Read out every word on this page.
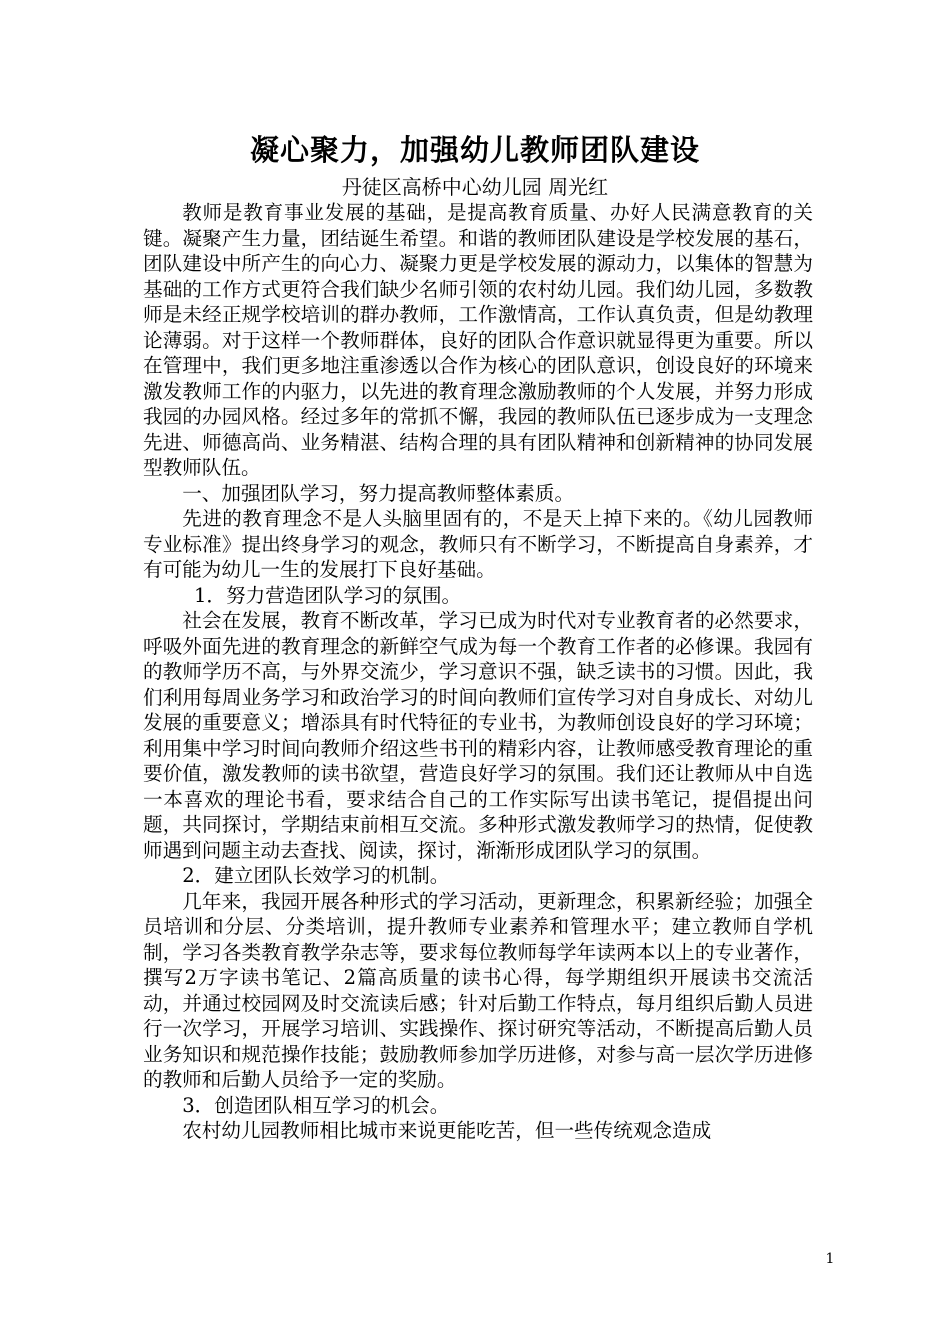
凝心聚力，加强幼儿教师团队建设
丹徒区高桥中心幼儿园 周光红

教师是教育事业发展的基础，是提高教育质量、办好人民满意教育的关键。凝聚产生力量，团结诞生希望。和谐的教师团队建设是学校发展的基石，团队建设中所产生的向心力、凝聚力更是学校发展的源动力，以集体的智慧为基础的工作方式更符合我们缺少名师引领的农村幼儿园。我们幼儿园，多数教师是未经正规学校培训的群办教师，工作激情高，工作认真负责，但是幼教理论薄弱。对于这样一个教师群体，良好的团队合作意识就显得更为重要。所以在管理中，我们更多地注重渗透以合作为核心的团队意识，创设良好的环境来激发教师工作的内驱力，以先进的教育理念激励教师的个人发展，并努力形成我园的办园风格。经过多年的常抓不懈，我园的教师队伍已逐步成为一支理念先进、师德高尚、业务精湛、结构合理的具有团队精神和创新精神的协同发展型教师队伍。

一、加强团队学习，努力提高教师整体素质。

先进的教育理念不是人头脑里固有的，不是天上掉下来的。《幼儿园教师专业标准》提出终身学习的观念，教师只有不断学习，不断提高自身素养，才有可能为幼儿一生的发展打下良好基础。

1．努力营造团队学习的氛围。

社会在发展，教育不断改革，学习已成为时代对专业教育者的必然要求，呼吸外面先进的教育理念的新鲜空气成为每一个教育工作者的必修课。我园有的教师学历不高，与外界交流少，学习意识不强，缺乏读书的习惯。因此，我们利用每周业务学习和政治学习的时间向教师们宣传学习对自身成长、对幼儿发展的重要意义；增添具有时代特征的专业书，为教师创设良好的学习环境；利用集中学习时间向教师介绍这些书刊的精彩内容，让教师感受教育理论的重要价值，激发教师的读书欲望，营造良好学习的氛围。我们还让教师从中自选一本喜欢的理论书看，要求结合自己的工作实际写出读书笔记，提倡提出问题，共同探讨，学期结束前相互交流。多种形式激发教师学习的热情，促使教师遇到问题主动去查找、阅读，探讨，渐渐形成团队学习的氛围。

2．建立团队长效学习的机制。

几年来，我园开展各种形式的学习活动，更新理念，积累新经验；加强全员培训和分层、分类培训，提升教师专业素养和管理水平；建立教师自学机制，学习各类教育教学杂志等，要求每位教师每学年读两本以上的专业著作，撰写2万字读书笔记、2篇高质量的读书心得，每学期组织开展读书交流活动，并通过校园网及时交流读后感；针对后勤工作特点，每月组织后勤人员进行一次学习，开展学习培训、实践操作、探讨研究等活动，不断提高后勤人员业务知识和规范操作技能；鼓励教师参加学历进修，对参与高一层次学历进修的教师和后勤人员给予一定的奖励。

3．创造团队相互学习的机会。

农村幼儿园教师相比城市来说更能吃苦，但一些传统观念造成

1
